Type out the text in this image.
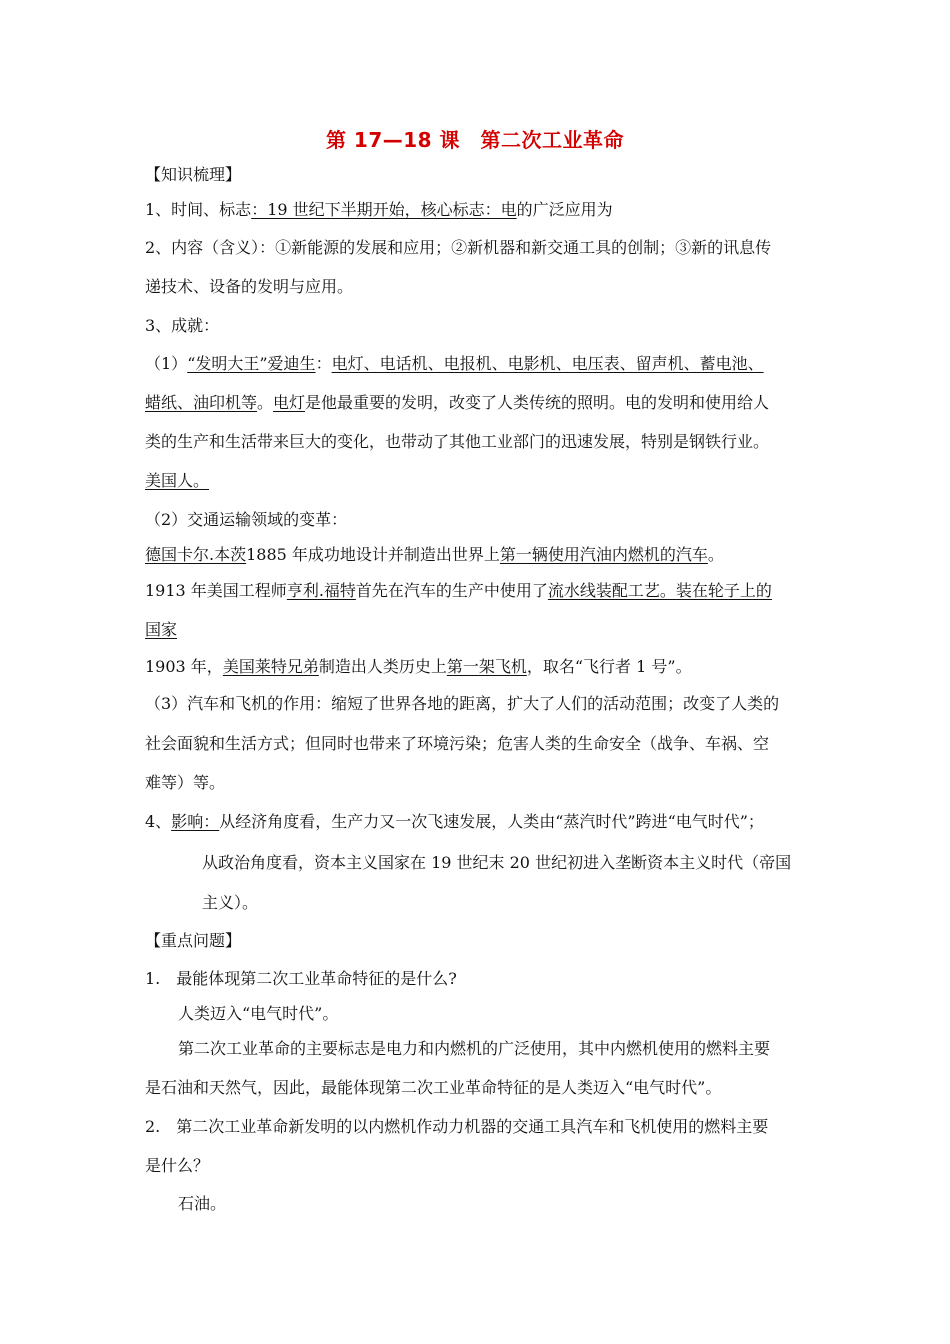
第 17—18 课　第二次工业革命
【知识梳理】
1、时间、标志：19 世纪下半期开始，核心标志：电的广泛应用为
2、内容（含义）：①新能源的发展和应用；②新机器和新交通工具的创制；③新的讯息传
递技术、设备的发明与应用。
3、成就：
（1）“发明大王”爱迪生：电灯、电话机、电报机、电影机、电压表、留声机、蓄电池、
蜡纸、油印机等。电灯是他最重要的发明，改变了人类传统的照明。电的发明和使用给人
类的生产和生活带来巨大的变化，也带动了其他工业部门的迅速发展，特别是钢铁行业。
美国人。
（2）交通运输领域的变革：
德国卡尔.本茨1885 年成功地设计并制造出世界上第一辆使用汽油内燃机的汽车。
1913 年美国工程师亨利.福特首先在汽车的生产中使用了流水线装配工艺。装在轮子上的
国家
1903 年，美国莱特兄弟制造出人类历史上第一架飞机，取名“飞行者 1 号”。
（3）汽车和飞机的作用：缩短了世界各地的距离，扩大了人们的活动范围；改变了人类的
社会面貌和生活方式；但同时也带来了环境污染；危害人类的生命安全（战争、车祸、空
难等）等。
4、影响：从经济角度看，生产力又一次飞速发展，人类由“蒸汽时代”跨进“电气时代”；
从政治角度看，资本主义国家在 19 世纪末 20 世纪初进入垄断资本主义时代（帝国
主义）。
【重点问题】
1.　最能体现第二次工业革命特征的是什么?
人类迈入“电气时代”。
第二次工业革命的主要标志是电力和内燃机的广泛使用，其中内燃机使用的燃料主要
是石油和天然气，因此，最能体现第二次工业革命特征的是人类迈入“电气时代”。
2.　第二次工业革命新发明的以内燃机作动力机器的交通工具汽车和飞机使用的燃料主要
是什么？
石油。
